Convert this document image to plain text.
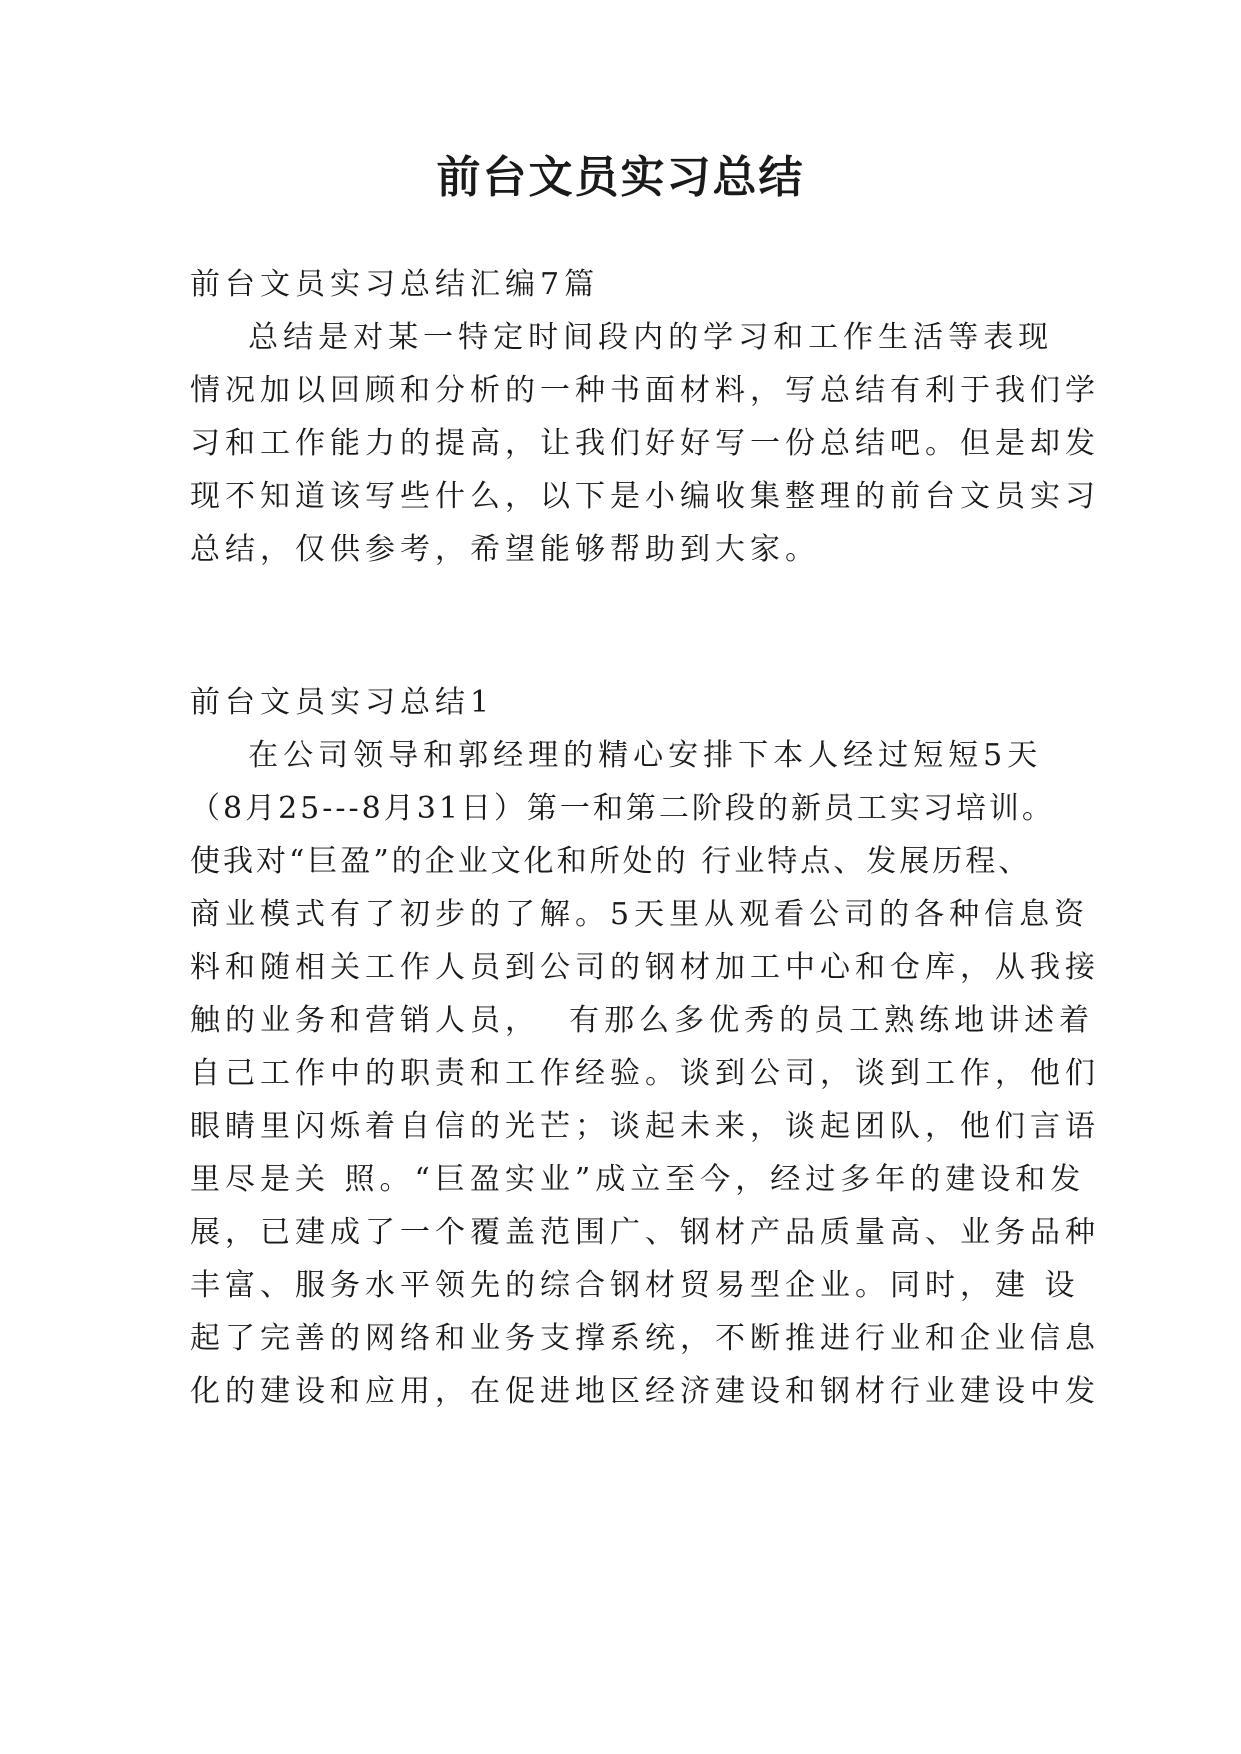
前台文员实习总结
前台文员实习总结汇编7篇
总结是对某一特定时间段内的学习和工作生活等表现
情况加以回顾和分析的一种书面材料，写总结有利于我们学
习和工作能力的提高，让我们好好写一份总结吧。但是却发
现不知道该写些什么，以下是小编收集整理的前台文员实习
总结，仅供参考，希望能够帮助到大家。
前台文员实习总结1
在公司领导和郭经理的精心安排下本人经过短短5天
（8月25---8月31日）第一和第二阶段的新员工实习培训。
使我对“巨盈”的企业文化和所处的 行业特点、发展历程、
商业模式有了初步的了解。5天里从观看公司的各种信息资
料和随相关工作人员到公司的钢材加工中心和仓库，从我接
触的业务和营销人员，  有那么多优秀的员工熟练地讲述着
自己工作中的职责和工作经验。谈到公司，谈到工作，他们
眼睛里闪烁着自信的光芒；谈起未来，谈起团队，他们言语
里尽是关 照。“巨盈实业”成立至今，经过多年的建设和发
展，已建成了一个覆盖范围广、钢材产品质量高、业务品种
丰富、服务水平领先的综合钢材贸易型企业。同时，建 设
起了完善的网络和业务支撑系统，不断推进行业和企业信息
化的建设和应用，在促进地区经济建设和钢材行业建设中发
